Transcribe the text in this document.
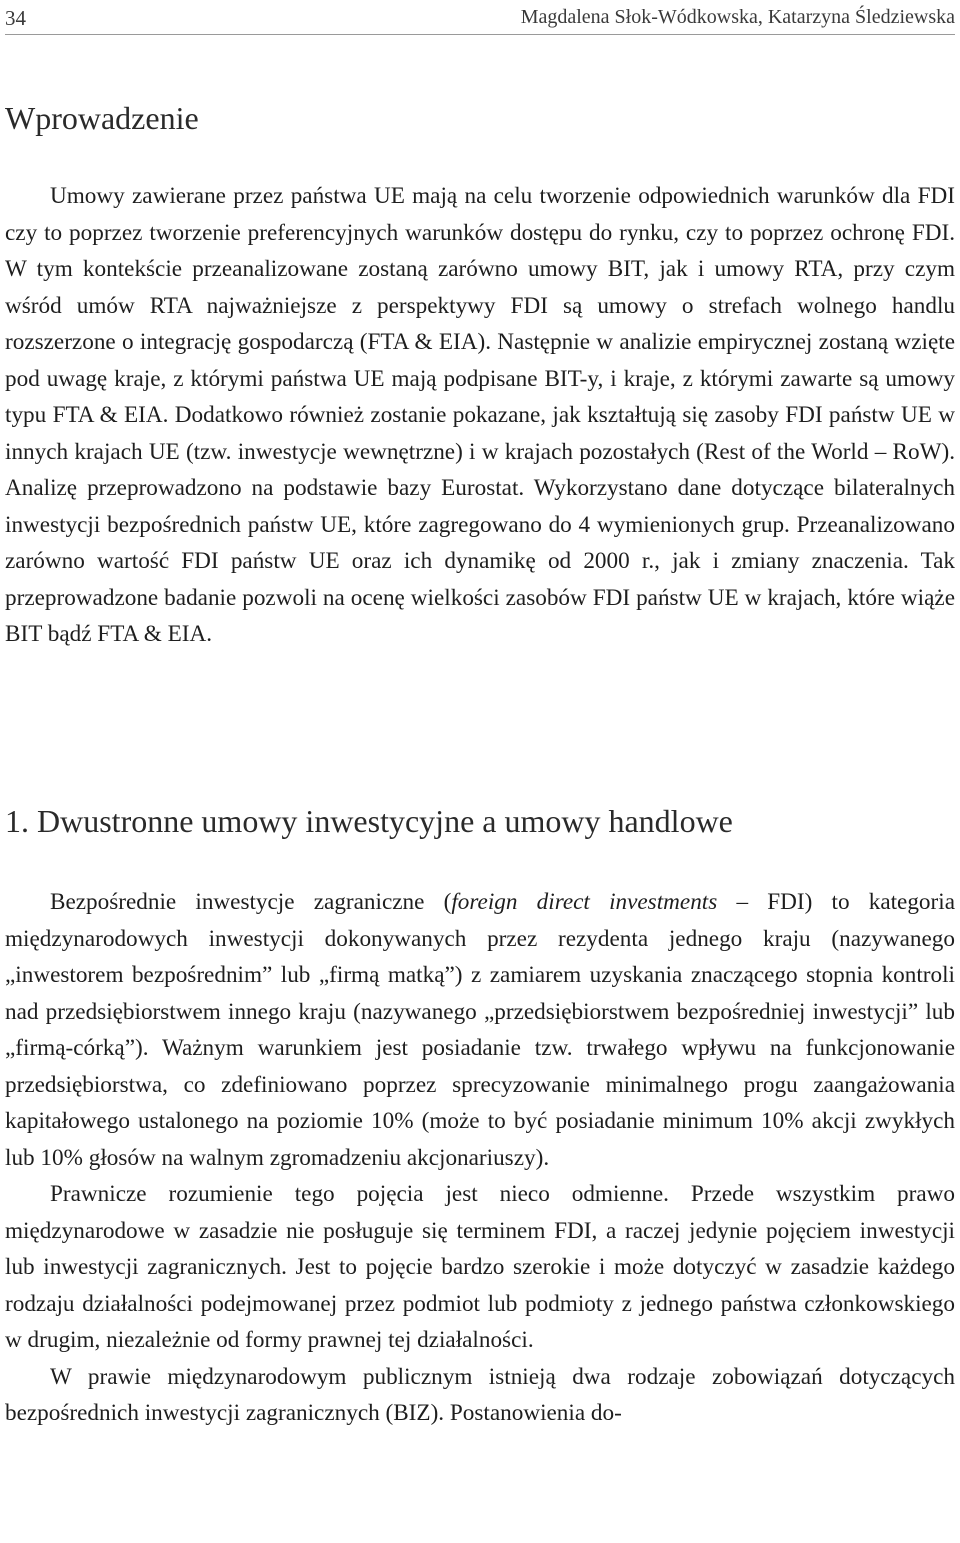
34	Magdalena Słok-Wódkowska, Katarzyna Śledziewska
Wprowadzenie

Umowy zawierane przez państwa UE mają na celu tworzenie odpowiednich warunków dla FDI czy to poprzez tworzenie preferencyjnych warunków dostępu do rynku, czy to poprzez ochronę FDI. W tym kontekście przeanalizowane zostaną zarówno umowy BIT, jak i umowy RTA, przy czym wśród umów RTA najważniejsze z perspektywy FDI są umowy o strefach wolnego handlu rozszerzone o integrację gospodarczą (FTA & EIA). Następnie w analizie empirycznej zostaną wzięte pod uwagę kraje, z którymi państwa UE mają podpisane BIT-y, i kraje, z którymi zawarte są umowy typu FTA & EIA. Dodatkowo również zostanie pokazane, jak kształtują się zasoby FDI państw UE w innych krajach UE (tzw. inwestycje wewnętrzne) i w krajach pozostałych (Rest of the World – RoW). Analizę przeprowadzono na podstawie bazy Eurostat. Wykorzystano dane dotyczące bilateralnych inwestycji bezpośrednich państw UE, które zagregowano do 4 wymienionych grup. Przeanalizowano zarówno wartość FDI państw UE oraz ich dynamikę od 2000 r., jak i zmiany znaczenia. Tak przeprowadzone badanie pozwoli na ocenę wielkości zasobów FDI państw UE w krajach, które wiąże BIT bądź FTA & EIA.

1. Dwustronne umowy inwestycyjne a umowy handlowe

Bezpośrednie inwestycje zagraniczne (foreign direct investments – FDI) to kategoria międzynarodowych inwestycji dokonywanych przez rezydenta jednego kraju (nazywanego „inwestorem bezpośrednim” lub „firmą matką”) z zamiarem uzyskania znaczącego stopnia kontroli nad przedsiębiorstwem innego kraju (nazywanego „przedsiębiorstwem bezpośredniej inwestycji” lub „firmą-córką”). Ważnym warunkiem jest posiadanie tzw. trwałego wpływu na funkcjonowanie przedsiębiorstwa, co zdefiniowano poprzez sprecyzowanie minimalnego progu zaangażowania kapitałowego ustalonego na poziomie 10% (może to być posiadanie minimum 10% akcji zwykłych lub 10% głosów na walnym zgromadzeniu akcjonariuszy).

Prawnicze rozumienie tego pojęcia jest nieco odmienne. Przede wszystkim prawo międzynarodowe w zasadzie nie posługuje się terminem FDI, a raczej jedynie pojęciem inwestycji lub inwestycji zagranicznych. Jest to pojęcie bardzo szerokie i może dotyczyć w zasadzie każdego rodzaju działalności podejmowanej przez podmiot lub podmioty z jednego państwa członkowskiego w drugim, niezależnie od formy prawnej tej działalności.

W prawie międzynarodowym publicznym istnieją dwa rodzaje zobowiązań dotyczących bezpośrednich inwestycji zagranicznych (BIZ). Postanowienia do-
